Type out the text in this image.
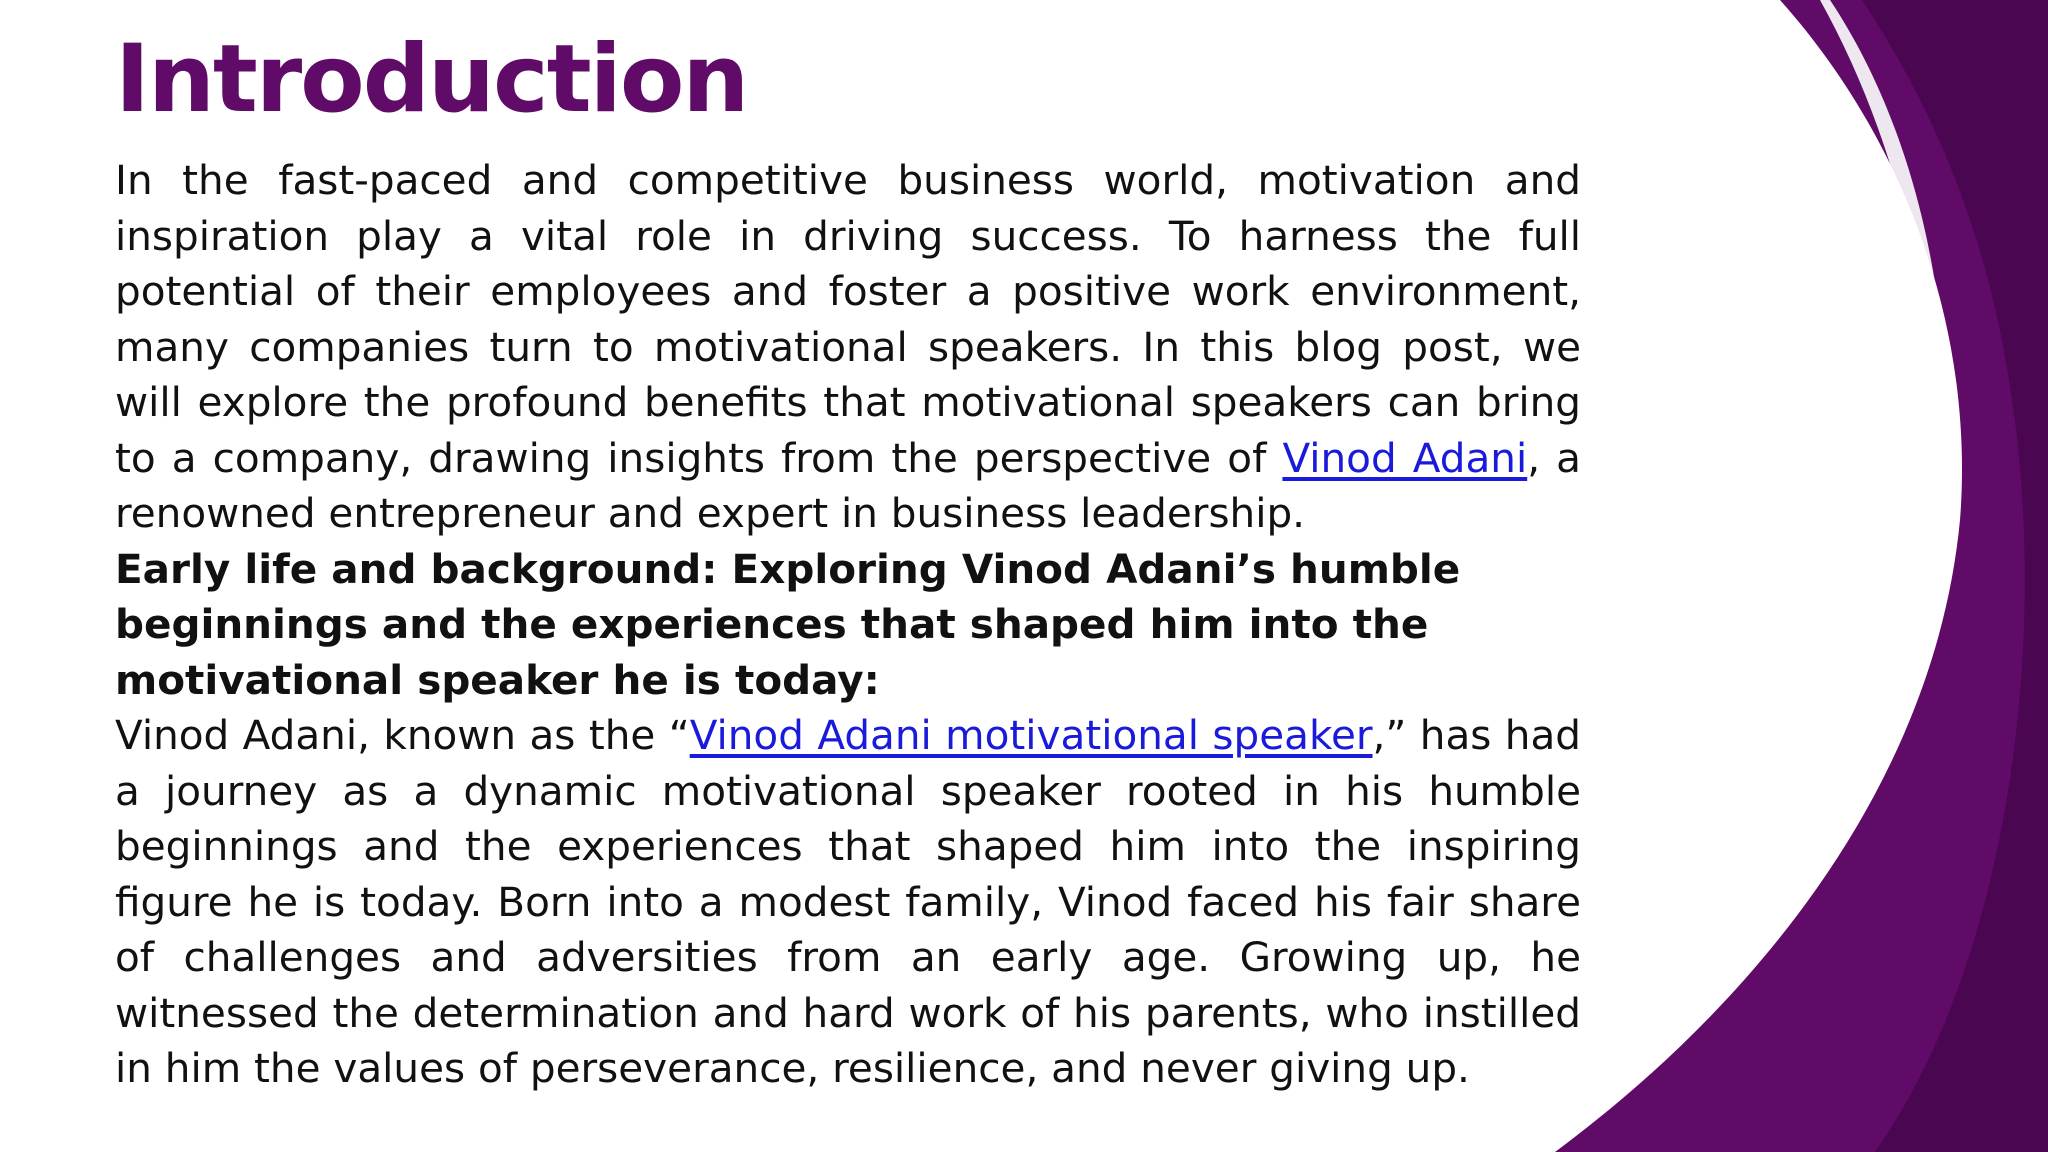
Introduction

In the fast-paced and competitive business world, motivation and inspiration play a vital role in driving success. To harness the full potential of their employees and foster a positive work environment, many companies turn to motivational speakers. In this blog post, we will explore the profound benefits that motivational speakers can bring to a company, drawing insights from the perspective of Vinod Adani, a renowned entrepreneur and expert in business leadership.

Early life and background: Exploring Vinod Adani’s humble beginnings and the experiences that shaped him into the motivational speaker he is today:

Vinod Adani, known as the “Vinod Adani motivational speaker,” has had a journey as a dynamic motivational speaker rooted in his humble beginnings and the experiences that shaped him into the inspiring figure he is today. Born into a modest family, Vinod faced his fair share of challenges and adversities from an early age. Growing up, he witnessed the determination and hard work of his parents, who instilled in him the values of perseverance, resilience, and never giving up.
